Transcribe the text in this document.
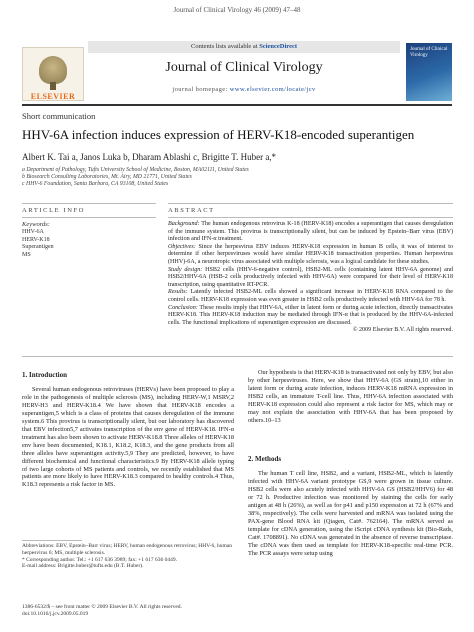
Journal of Clinical Virology 46 (2009) 47–48
ELSEVIER
Contents lists available at ScienceDirect
Journal of Clinical Virology
journal homepage: www.elsevier.com/locate/jcv
Journal of Clinical Virology
Short communication
HHV-6A infection induces expression of HERV-K18-encoded superantigen
Albert K. Tai a, Janos Luka b, Dharam Ablashi c, Brigitte T. Huber a,*
a Department of Pathology, Tufts University School of Medicine, Boston, MA02111, United States
b Biosearch Consulting Laboratories, Mt. Airy, MD 21771, United States
c HHV-6 Foundation, Santa Barbara, CA 93108, United States
ARTICLE INFO
Keywords:
HHV-6A
HERV-K18
Superantigen
MS
ABSTRACT

Background: The human endogenous retrovirus K-18 (HERV-K18) encodes a superantigen that causes deregulation of the immune system. This provirus is transcriptionally silent, but can be induced by Epstein–Barr virus (EBV) infection and IFN-α treatment.

Objectives: Since the herpesvirus EBV induces HERV-K18 expression in human B cells, it was of interest to determine if other herpesviruses would have similar HERV-K18 transactivation properties. Human herpesvirus (HHV)-6A, a neurotropic virus associated with multiple sclerosis, was a logical candidate for these studies.

Study design: HSB2 cells (HHV-6-negative control), HSB2-ML cells (containing latent HHV-6A genome) and HSB2/HHV-6A (HSB-2 cells productively infected with HHV-6A) were compared for their level of HERV-K18 transcription, using quantitative RT-PCR.

Results: Latently infected HSB2-ML cells showed a significant increase in HERV-K18 RNA compared to the control cells. HERV-K18 expression was even greater in HSB2 cells productively infected with HHV-6A for 78 h.

Conclusion: These results imply that HHV-6A, either in latent form or during acute infection, directly transactivates HERV-K18. This HERV-K18 induction may be mediated through IFN-α that is produced by the HHV-6A-infected cells. The functional implications of superantigen expression are discussed.

© 2009 Elsevier B.V. All rights reserved.

1. Introduction

Several human endogenous retroviruses (HERVs) have been proposed to play a role in the pathogenesis of multiple sclerosis (MS), including HERV-W,1 MSRV,2 HERV-H3 and HERV-K18.4 We have shown that HERV-K18 encodes a superantigen,5 which is a class of proteins that causes deregulation of the immune system.6 This provirus is transcriptionally silent, but our laboratory has discovered that EBV infection5,7 activates transcription of the env gene of HERV-K18. IFN-α treatment has also been shown to activate HERV-K18.8 Three alleles of HERV-K18 env have been documented, K18.1, K18.2, K18.3, and the gene products from all three alleles have superantigen activity.5,9 They are predicted, however, to have different biochemical and functional characteristics.9 By HERV-K18 allele typing of two large cohorts of MS patients and controls, we recently established that MS patients are more likely to have HERV-K18.3 compared to healthy controls.4 Thus, K18.3 represents a risk factor in MS.

Our hypothesis is that HERV-K18 is transactivated not only by EBV, but also by other herpesviruses. Here, we show that HHV-6A (GS strain),10 either in latent form or during acute infection, induces HERV-K18 mRNA expression in HSB2 cells, an immature T-cell line. Thus, HHV-6A infection associated with HERV-K18 expression could also represent a risk factor for MS, which may or may not explain the association with HHV-6A that has been proposed by others.10–13

2. Methods

The human T cell line, HSB2, and a variant, HSB2-ML, which is latently infected with HHV-6A variant prototype GS,9 were grown in tissue culture. HSB2 cells were also acutely infected with HHV-6A GS (HSB2/HHV6) for 48 or 72 h. Productive infection was monitored by staining the cells for early antigen at 48 h (26%), as well as for p41 and p150 expression at 72 h (67% and 38%, respectively). The cells were harvested and mRNA was isolated using the PAX-gene Blood RNA kit (Qiagen, Cat#. 762164). The mRNA served as template for cDNA generation, using the iScript cDNA synthesis kit (Bio-Rads, Cat#. 1708891). No cDNA was generated in the absence of reverse transcriptase. The cDNA was then used as template for HERV-K18-specific real-time PCR. The PCR assays were setup using

Abbreviations: EBV, Epstein–Barr virus; HERV, human endogenous retrovirus; HHV-6, human herpesvirus 6; MS, multiple sclerosis.

* Corresponding author. Tel.: +1 617 636 3989; fax: +1 617 636 0449.

E-mail address: Brigitte.huber@tufts.edu (B.T. Huber).

1386-6532/$ – see front matter © 2009 Elsevier B.V. All rights reserved.

doi:10.1016/j.jcv.2009.05.019
